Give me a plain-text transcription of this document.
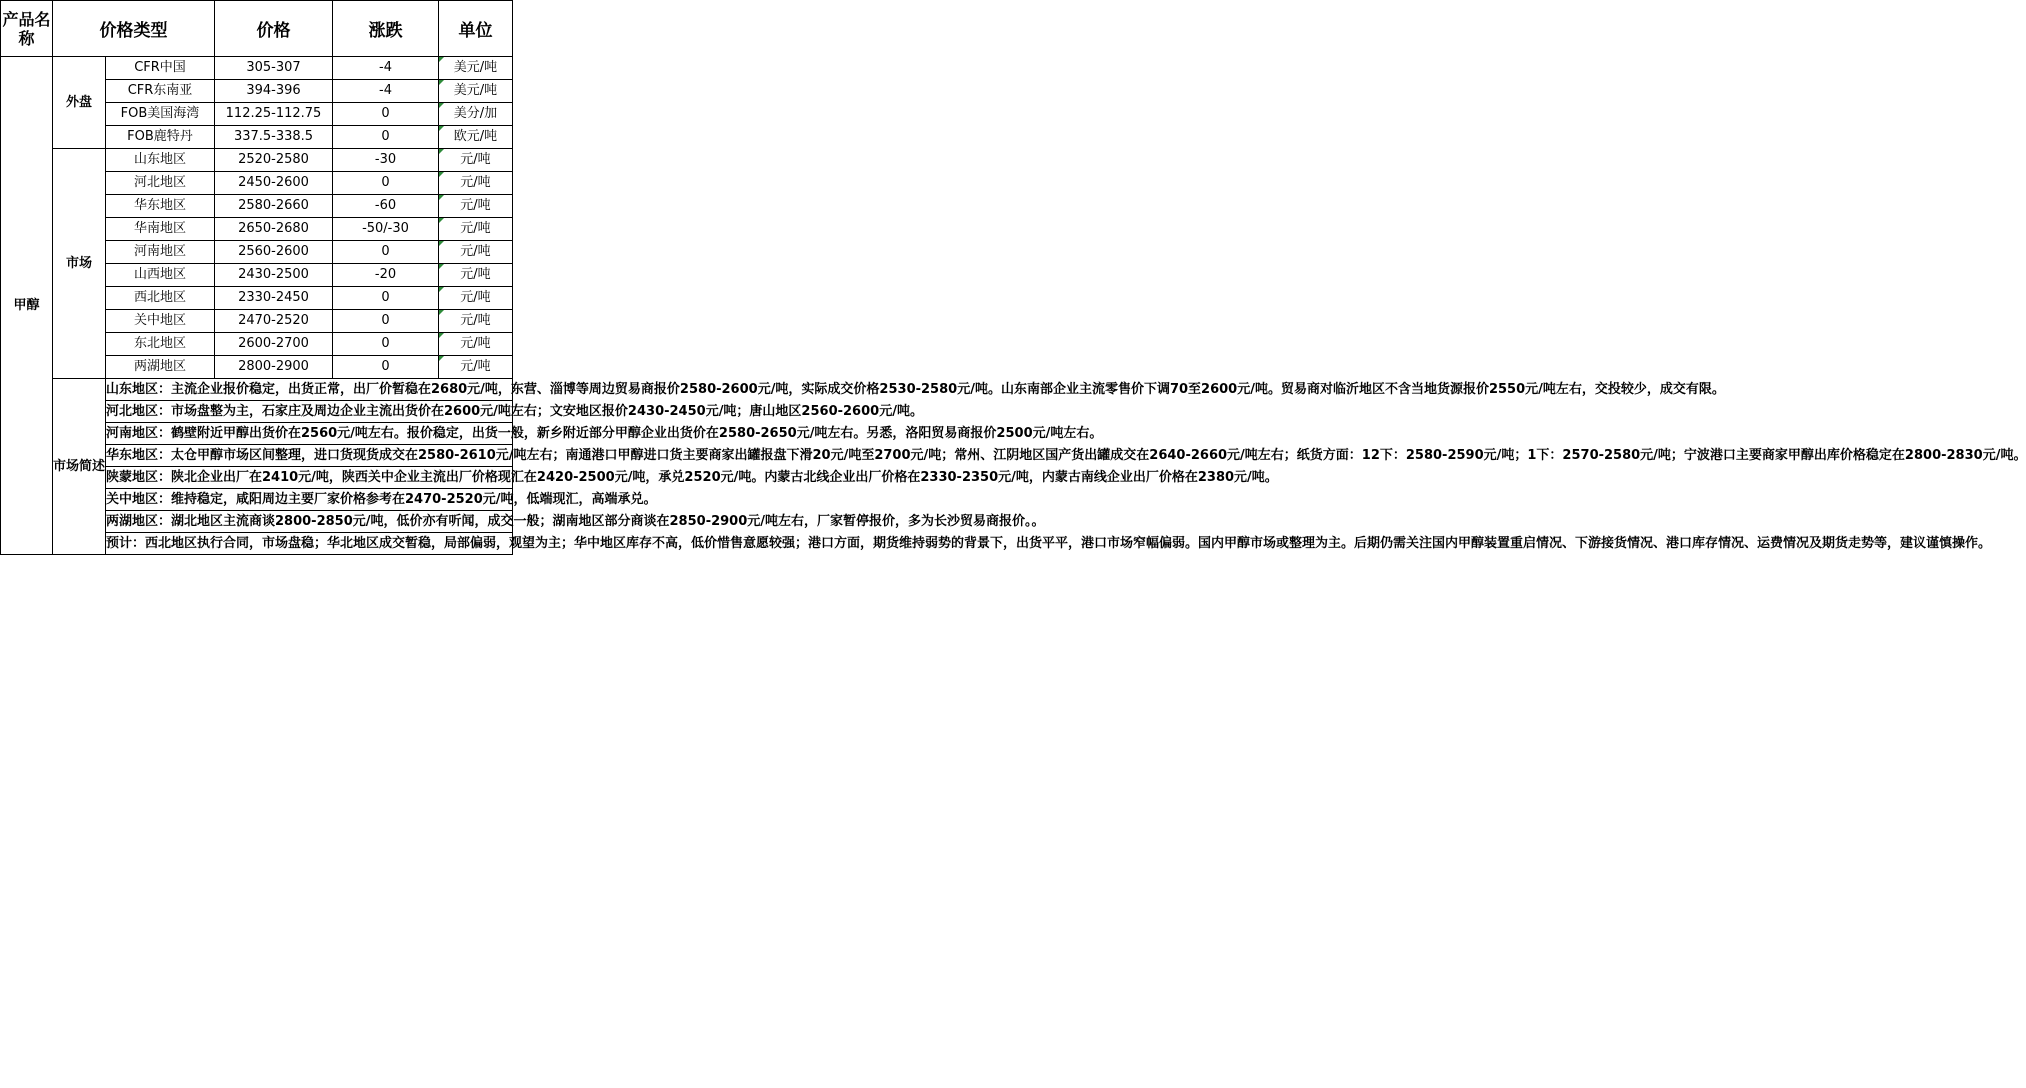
产品名称	价格类型		价格	涨跌	单位
甲醇	外盘	CFR中国	305-307	-4	美元/吨
		CFR东南亚	394-396	-4	美元/吨
		FOB美国海湾	112.25-112.75	0	美分/加
		FOB鹿特丹	337.5-338.5	0	欧元/吨
	市场	山东地区	2520-2580	-30	元/吨
		河北地区	2450-2600	0	元/吨
		华东地区	2580-2660	-60	元/吨
		华南地区	2650-2680	-50/-30	元/吨
		河南地区	2560-2600	0	元/吨
		山西地区	2430-2500	-20	元/吨
		西北地区	2330-2450	0	元/吨
		关中地区	2470-2520	0	元/吨
		东北地区	2600-2700	0	元/吨
		两湖地区	2800-2900	0	元/吨
	市场简述	山东地区：主流企业报价稳定，出货正常，出厂价暂稳在2680元/吨，东营、淄博等周边贸易商报价2580-2600元/吨，实际成交价格2530-2580元/吨。山东南部企业主流零售价下调70至2600元/吨。贸易商对临沂地区不含当地货源报价2550元/吨左右，交投较少，成交有限。			
		河北地区：市场盘整为主，石家庄及周边企业主流出货价在2600元/吨左右；文安地区报价2430-2450元/吨；唐山地区2560-2600元/吨。			
		河南地区：鹤壁附近甲醇出货价在2560元/吨左右。报价稳定，出货一般，新乡附近部分甲醇企业出货价在2580-2650元/吨左右。另悉，洛阳贸易商报价2500元/吨左右。			
		华东地区：太仓甲醇市场区间整理，进口货现货成交在2580-2610元/吨左右；南通港口甲醇进口货主要商家出罐报盘下滑20元/吨至2700元/吨；常州、江阴地区国产货出罐成交在2640-2660元/吨左右；纸货方面：12下：2580-2590元/吨；1下：2570-2580元/吨；宁波港口主要商家甲醇出库价格稳定在2800-2830元/吨。			
		陕蒙地区：陕北企业出厂在2410元/吨，陕西关中企业主流出厂价格现汇在2420-2500元/吨，承兑2520元/吨。内蒙古北线企业出厂价格在2330-2350元/吨，内蒙古南线企业出厂价格在2380元/吨。			
		关中地区：维持稳定，咸阳周边主要厂家价格参考在2470-2520元/吨，低端现汇，高端承兑。			
		两湖地区：湖北地区主流商谈2800-2850元/吨，低价亦有听闻，成交一般；湖南地区部分商谈在2850-2900元/吨左右，厂家暂停报价，多为长沙贸易商报价。。			
		预计：西北地区执行合同，市场盘稳；华北地区成交暂稳，局部偏弱，观望为主；华中地区库存不高，低价惜售意愿较强；港口方面，期货维持弱势的背景下，出货平平，港口市场窄幅偏弱。国内甲醇市场或整理为主。后期仍需关注国内甲醇装置重启情况、下游接货情况、港口库存情况、运费情况及期货走势等，建议谨慎操作。			
